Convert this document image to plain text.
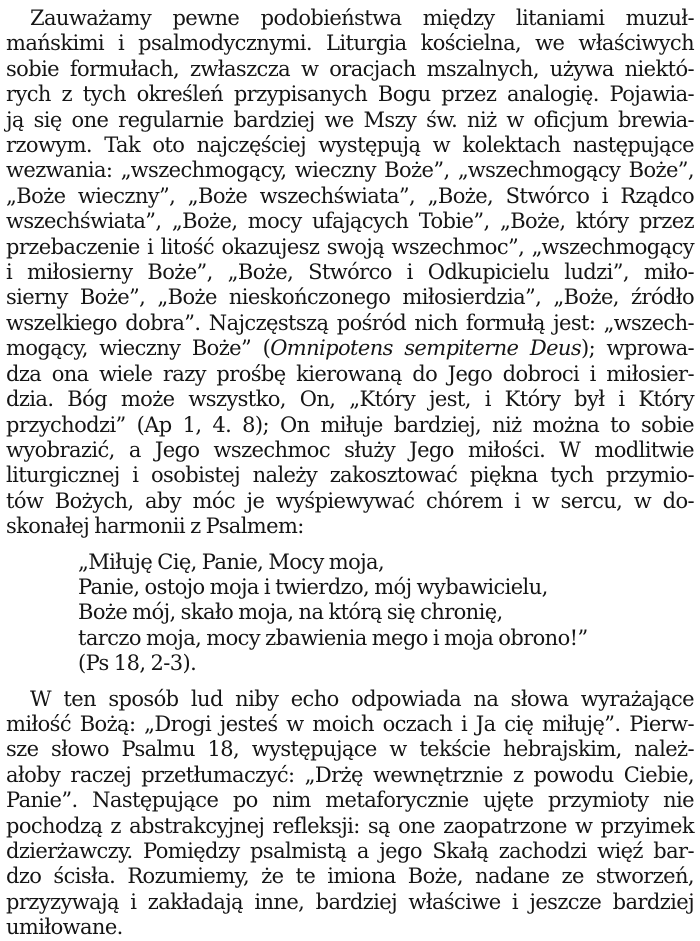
Zauważamy pewne podobieństwa między litaniami muzuł-
mańskimi i psalmodycznymi. Liturgia kościelna, we właściwych
sobie formułach, zwłaszcza w oracjach mszalnych, używa niektó-
rych z tych określeń przypisanych Bogu przez analogię. Pojawia-
ją się one regularnie bardziej we Mszy św. niż w oficjum brewia-
rzowym. Tak oto najczęściej występują w kolektach następujące
wezwania: „wszechmogący, wieczny Boże”, „wszechmogący Boże”,
„Boże wieczny”, „Boże wszechświata”, „Boże, Stwórco i Rządco
wszechświata”, „Boże, mocy ufających Tobie”, „Boże, który przez
przebaczenie i litość okazujesz swoją wszechmoc”, „wszechmogący
i miłosierny Boże”, „Boże, Stwórco i Odkupicielu ludzi”, miło-
sierny Boże”, „Boże nieskończonego miłosierdzia”, „Boże, źródło
wszelkiego dobra”. Najczęstszą pośród nich formułą jest: „wszech-
mogący, wieczny Boże” (Omnipotens sempiterne Deus); wprowa-
dza ona wiele razy prośbę kierowaną do Jego dobroci i miłosier-
dzia. Bóg może wszystko, On, „Który jest, i Który był i Który
przychodzi” (Ap 1, 4. 8); On miłuje bardziej, niż można to sobie
wyobrazić, a Jego wszechmoc służy Jego miłości. W modlitwie
liturgicznej i osobistej należy zakosztować piękna tych przymio-
tów Bożych, aby móc je wyśpiewywać chórem i w sercu, w do-
skonałej harmonii z Psalmem:

„Miłuję Cię, Panie, Mocy moja,
Panie, ostojo moja i twierdzo, mój wybawicielu,
Boże mój, skało moja, na którą się chronię,
tarczo moja, mocy zbawienia mego i moja obrono!”
(Ps 18, 2-3).

W ten sposób lud niby echo odpowiada na słowa wyrażające
miłość Bożą: „Drogi jesteś w moich oczach i Ja cię miłuję”. Pierw-
sze słowo Psalmu 18, występujące w tekście hebrajskim, należ-
ałoby raczej przetłumaczyć: „Drżę wewnętrznie z powodu Ciebie,
Panie”. Następujące po nim metaforycznie ujęte przymioty nie
pochodzą z abstrakcyjnej refleksji: są one zaopatrzone w przyimek
dzierżawczy. Pomiędzy psalmistą a jego Skałą zachodzi więź bar-
dzo ścisła. Rozumiemy, że te imiona Boże, nadane ze stworzeń,
przyzywają i zakładają inne, bardziej właściwe i jeszcze bardziej
umiłowane.
